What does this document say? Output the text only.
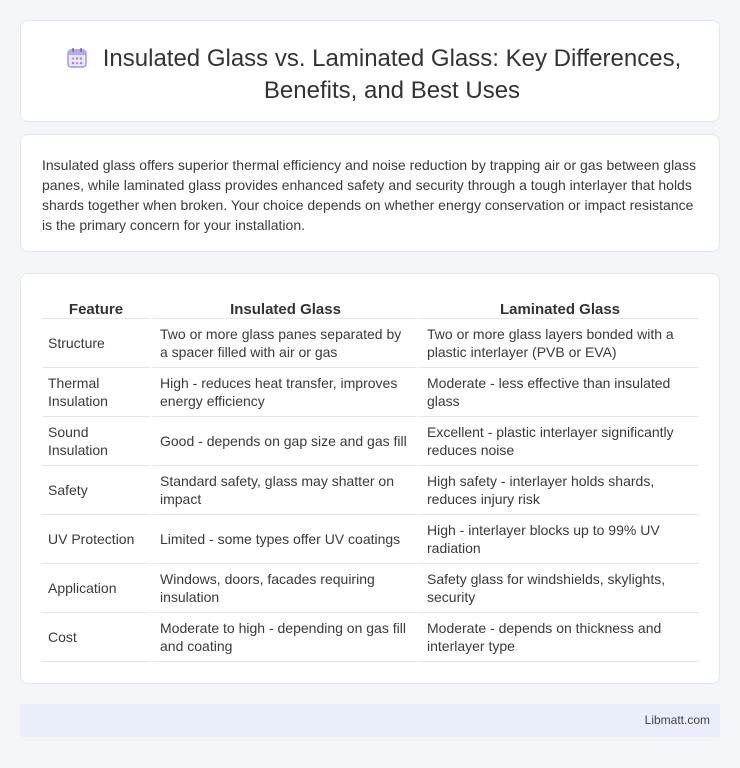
Insulated Glass vs. Laminated Glass: Key Differences, Benefits, and Best Uses

Insulated glass offers superior thermal efficiency and noise reduction by trapping air or gas between glass panes, while laminated glass provides enhanced safety and security through a tough interlayer that holds shards together when broken. Your choice depends on whether energy conservation or impact resistance is the primary concern for your installation.

Feature	Insulated Glass	Laminated Glass
Structure	Two or more glass panes separated by a spacer filled with air or gas	Two or more glass layers bonded with a plastic interlayer (PVB or EVA)
Thermal Insulation	High - reduces heat transfer, improves energy efficiency	Moderate - less effective than insulated glass
Sound Insulation	Good - depends on gap size and gas fill	Excellent - plastic interlayer significantly reduces noise
Safety	Standard safety, glass may shatter on impact	High safety - interlayer holds shards, reduces injury risk
UV Protection	Limited - some types offer UV coatings	High - interlayer blocks up to 99% UV radiation
Application	Windows, doors, facades requiring insulation	Safety glass for windshields, skylights, security
Cost	Moderate to high - depending on gas fill and coating	Moderate - depends on thickness and interlayer type
Libmatt.com
